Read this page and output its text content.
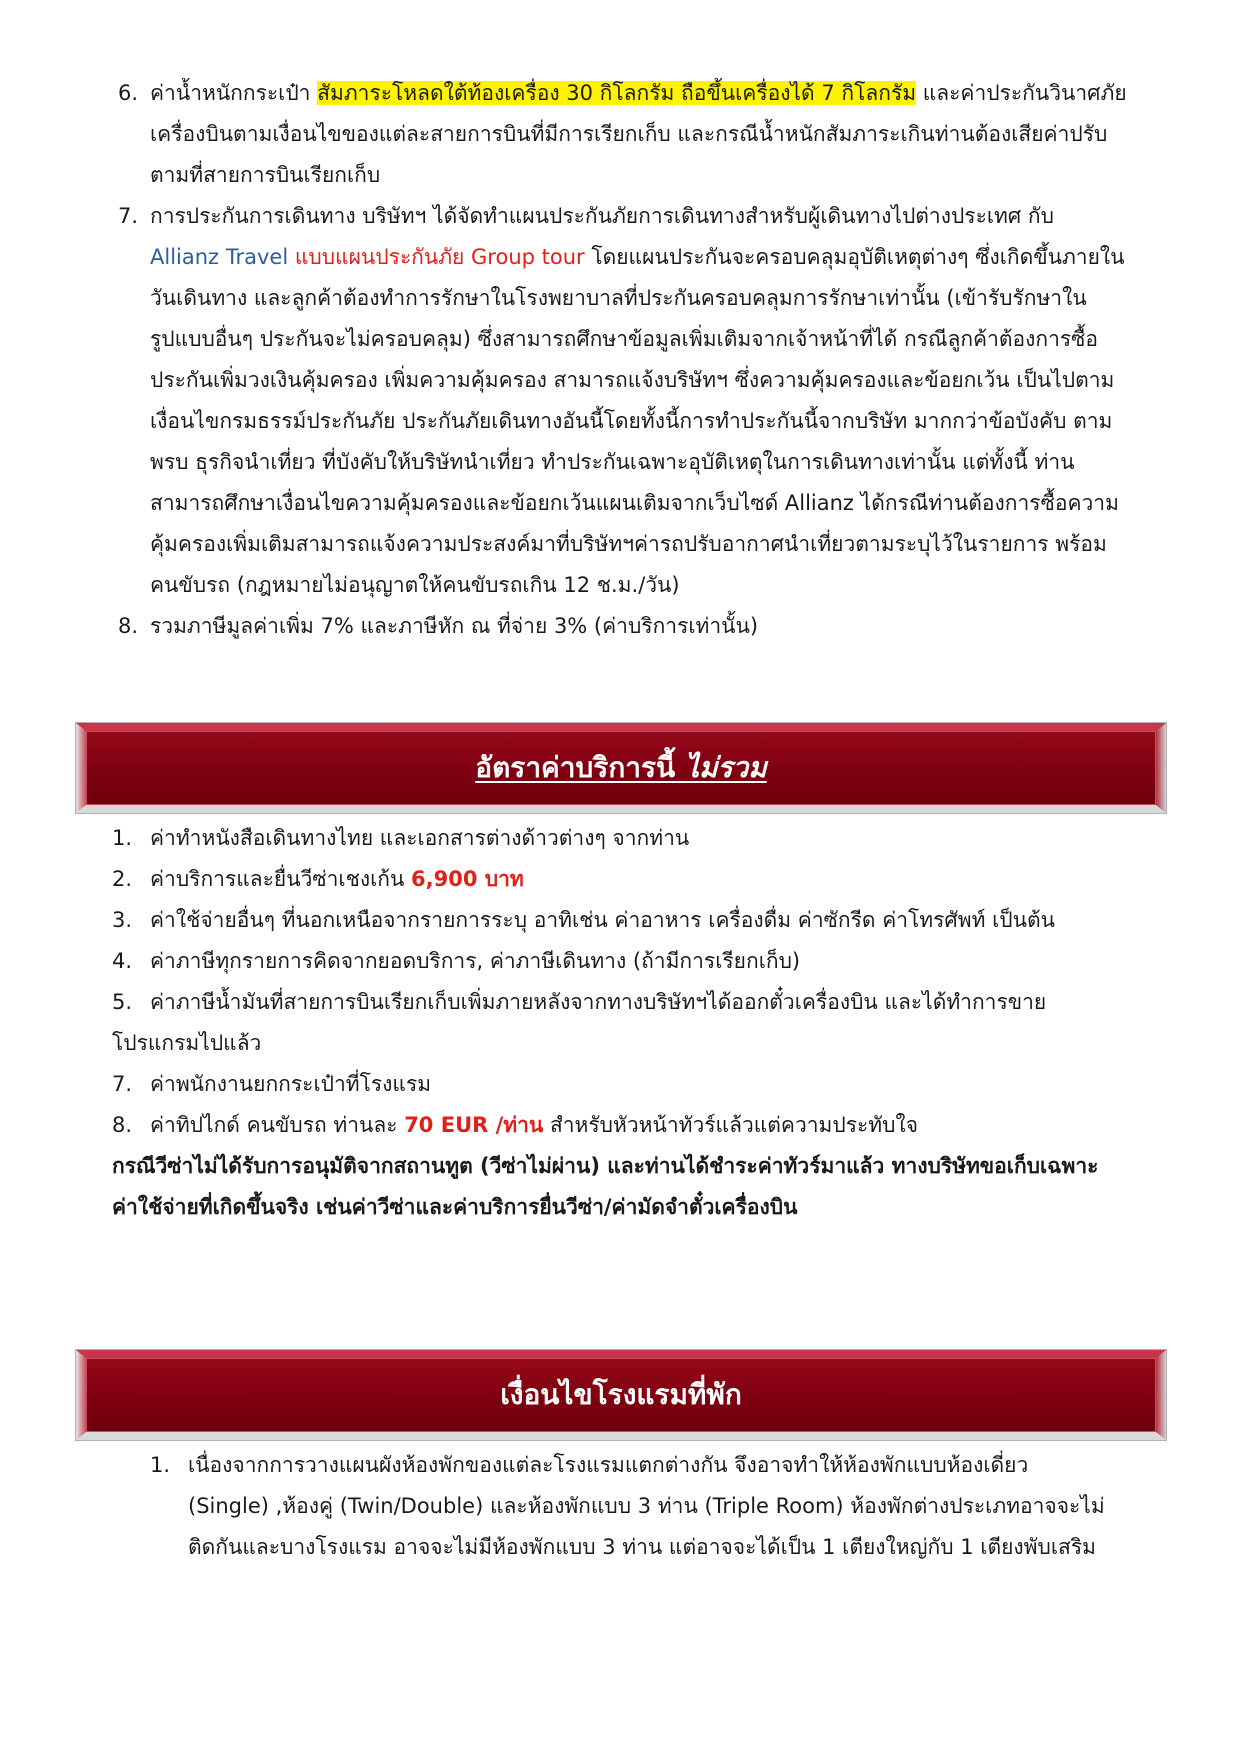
6. ค่าน้ำหนักกระเป๋า สัมภาระโหลดใต้ท้องเครื่อง 30 กิโลกรัม ถือขึ้นเครื่องได้ 7 กิโลกรัม และค่าประกันวินาศภัย
เครื่องบินตามเงื่อนไขของแต่ละสายการบินที่มีการเรียกเก็บ และกรณีน้ำหนักสัมภาระเกินท่านต้องเสียค่าปรับ
ตามที่สายการบินเรียกเก็บ
7. การประกันการเดินทาง บริษัทฯ ได้จัดทำแผนประกันภัยการเดินทางสำหรับผู้เดินทางไปต่างประเทศ กับ
Allianz Travel แบบแผนประกันภัย Group tour โดยแผนประกันจะครอบคลุมอุบัติเหตุต่างๆ ซึ่งเกิดขึ้นภายใน
วันเดินทาง และลูกค้าต้องทำการรักษาในโรงพยาบาลที่ประกันครอบคลุมการรักษาเท่านั้น (เข้ารับรักษาใน
รูปแบบอื่นๆ ประกันจะไม่ครอบคลุม) ซึ่งสามารถศึกษาข้อมูลเพิ่มเติมจากเจ้าหน้าที่ได้ กรณีลูกค้าต้องการซื้อ
ประกันเพิ่มวงเงินคุ้มครอง เพิ่มความคุ้มครอง สามารถแจ้งบริษัทฯ ซึ่งความคุ้มครองและข้อยกเว้น เป็นไปตาม
เงื่อนไขกรมธรรม์ประกันภัย ประกันภัยเดินทางอันนี้โดยทั้งนี้การทำประกันนี้จากบริษัท มากกว่าข้อบังคับ ตาม
พรบ ธุรกิจนำเที่ยว ที่บังคับให้บริษัทนำเที่ยว ทำประกันเฉพาะอุบัติเหตุในการเดินทางเท่านั้น แต่ทั้งนี้ ท่าน
สามารถศึกษาเงื่อนไขความคุ้มครองและข้อยกเว้นแผนเติมจากเว็บไซด์ Allianz ได้กรณีท่านต้องการซื้อความ
คุ้มครองเพิ่มเติมสามารถแจ้งความประสงค์มาที่บริษัทฯค่ารถปรับอากาศนำเที่ยวตามระบุไว้ในรายการ พร้อม
คนขับรถ (กฎหมายไม่อนุญาตให้คนขับรถเกิน 12 ช.ม./วัน)
8. รวมภาษีมูลค่าเพิ่ม 7% และภาษีหัก ณ ที่จ่าย 3% (ค่าบริการเท่านั้น)
อัตราค่าบริการนี้ ไม่รวม
1. ค่าทำหนังสือเดินทางไทย และเอกสารต่างด้าวต่างๆ จากท่าน
2. ค่าบริการและยื่นวีซ่าเชงเก้น 6,900 บาท
3. ค่าใช้จ่ายอื่นๆ ที่นอกเหนือจากรายการระบุ อาทิเช่น ค่าอาหาร เครื่องดื่ม ค่าซักรีด ค่าโทรศัพท์ เป็นต้น
4. ค่าภาษีทุกรายการคิดจากยอดบริการ, ค่าภาษีเดินทาง (ถ้ามีการเรียกเก็บ)
5. ค่าภาษีน้ำมันที่สายการบินเรียกเก็บเพิ่มภายหลังจากทางบริษัทฯได้ออกตั๋วเครื่องบิน และได้ทำการขาย
โปรแกรมไปแล้ว
7. ค่าพนักงานยกกระเป๋าที่โรงแรม
8. ค่าทิปไกด์ คนขับรถ ท่านละ 70 EUR /ท่าน สำหรับหัวหน้าทัวร์แล้วแต่ความประทับใจ
กรณีวีซ่าไม่ได้รับการอนุมัติจากสถานทูต (วีซ่าไม่ผ่าน) และท่านได้ชำระค่าทัวร์มาแล้ว ทางบริษัทขอเก็บเฉพาะ
ค่าใช้จ่ายที่เกิดขึ้นจริง เช่นค่าวีซ่าและค่าบริการยื่นวีซ่า/ค่ามัดจำตั๋วเครื่องบิน
เงื่อนไขโรงแรมที่พัก
1. เนื่องจากการวางแผนผังห้องพักของแต่ละโรงแรมแตกต่างกัน จึงอาจทำให้ห้องพักแบบห้องเดี่ยว
(Single) ,ห้องคู่ (Twin/Double) และห้องพักแบบ 3 ท่าน (Triple Room) ห้องพักต่างประเภทอาจจะไม่
ติดกันและบางโรงแรม อาจจะไม่มีห้องพักแบบ 3 ท่าน แต่อาจจะได้เป็น 1 เตียงใหญ่กับ 1 เตียงพับเสริม
